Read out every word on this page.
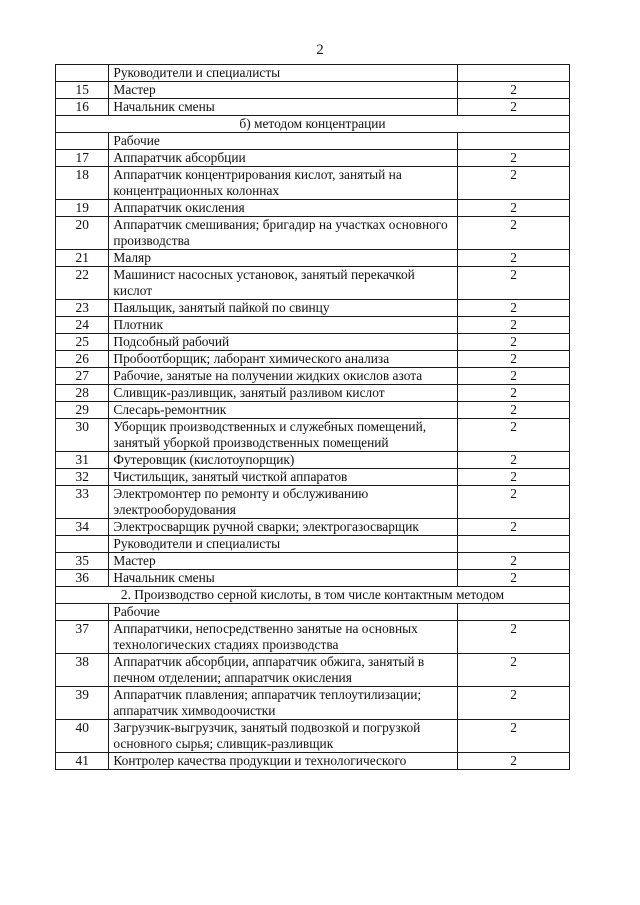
2
	Руководители и специалисты	
15	Мастер	2
16	Начальник смены	2
б) методом концентрации		
	Рабочие	
17	Аппаратчик абсорбции	2
18	Аппаратчик концентрирования кислот, занятый на концентрационных колоннах	2
19	Аппаратчик окисления	2
20	Аппаратчик смешивания; бригадир на участках основного производства	2
21	Маляр	2
22	Машинист насосных установок, занятый перекачкой кислот	2
23	Паяльщик, занятый пайкой по свинцу	2
24	Плотник	2
25	Подсобный рабочий	2
26	Пробоотборщик; лаборант химического анализа	2
27	Рабочие, занятые на получении жидких окислов азота	2
28	Сливщик-разливщик, занятый разливом кислот	2
29	Слесарь-ремонтник	2
30	Уборщик производственных и служебных помещений, занятый уборкой производственных помещений	2
31	Футеровщик (кислотоупорщик)	2
32	Чистильщик, занятый чисткой аппаратов	2
33	Электромонтер по ремонту и обслуживанию электрооборудования	2
34	Электросварщик ручной сварки; электрогазосварщик	2
	Руководители и специалисты	
35	Мастер	2
36	Начальник смены	2
2. Производство серной кислоты, в том числе контактным методом		
	Рабочие	
37	Аппаратчики, непосредственно занятые на основных технологических стадиях производства	2
38	Аппаратчик абсорбции, аппаратчик обжига, занятый в печном отделении; аппаратчик окисления	2
39	Аппаратчик плавления; аппаратчик теплоутилизации; аппаратчик химводоочистки	2
40	Загрузчик-выгрузчик, занятый подвозкой и погрузкой основного сырья; сливщик-разливщик	2
41	Контролер качества продукции и технологического	2
